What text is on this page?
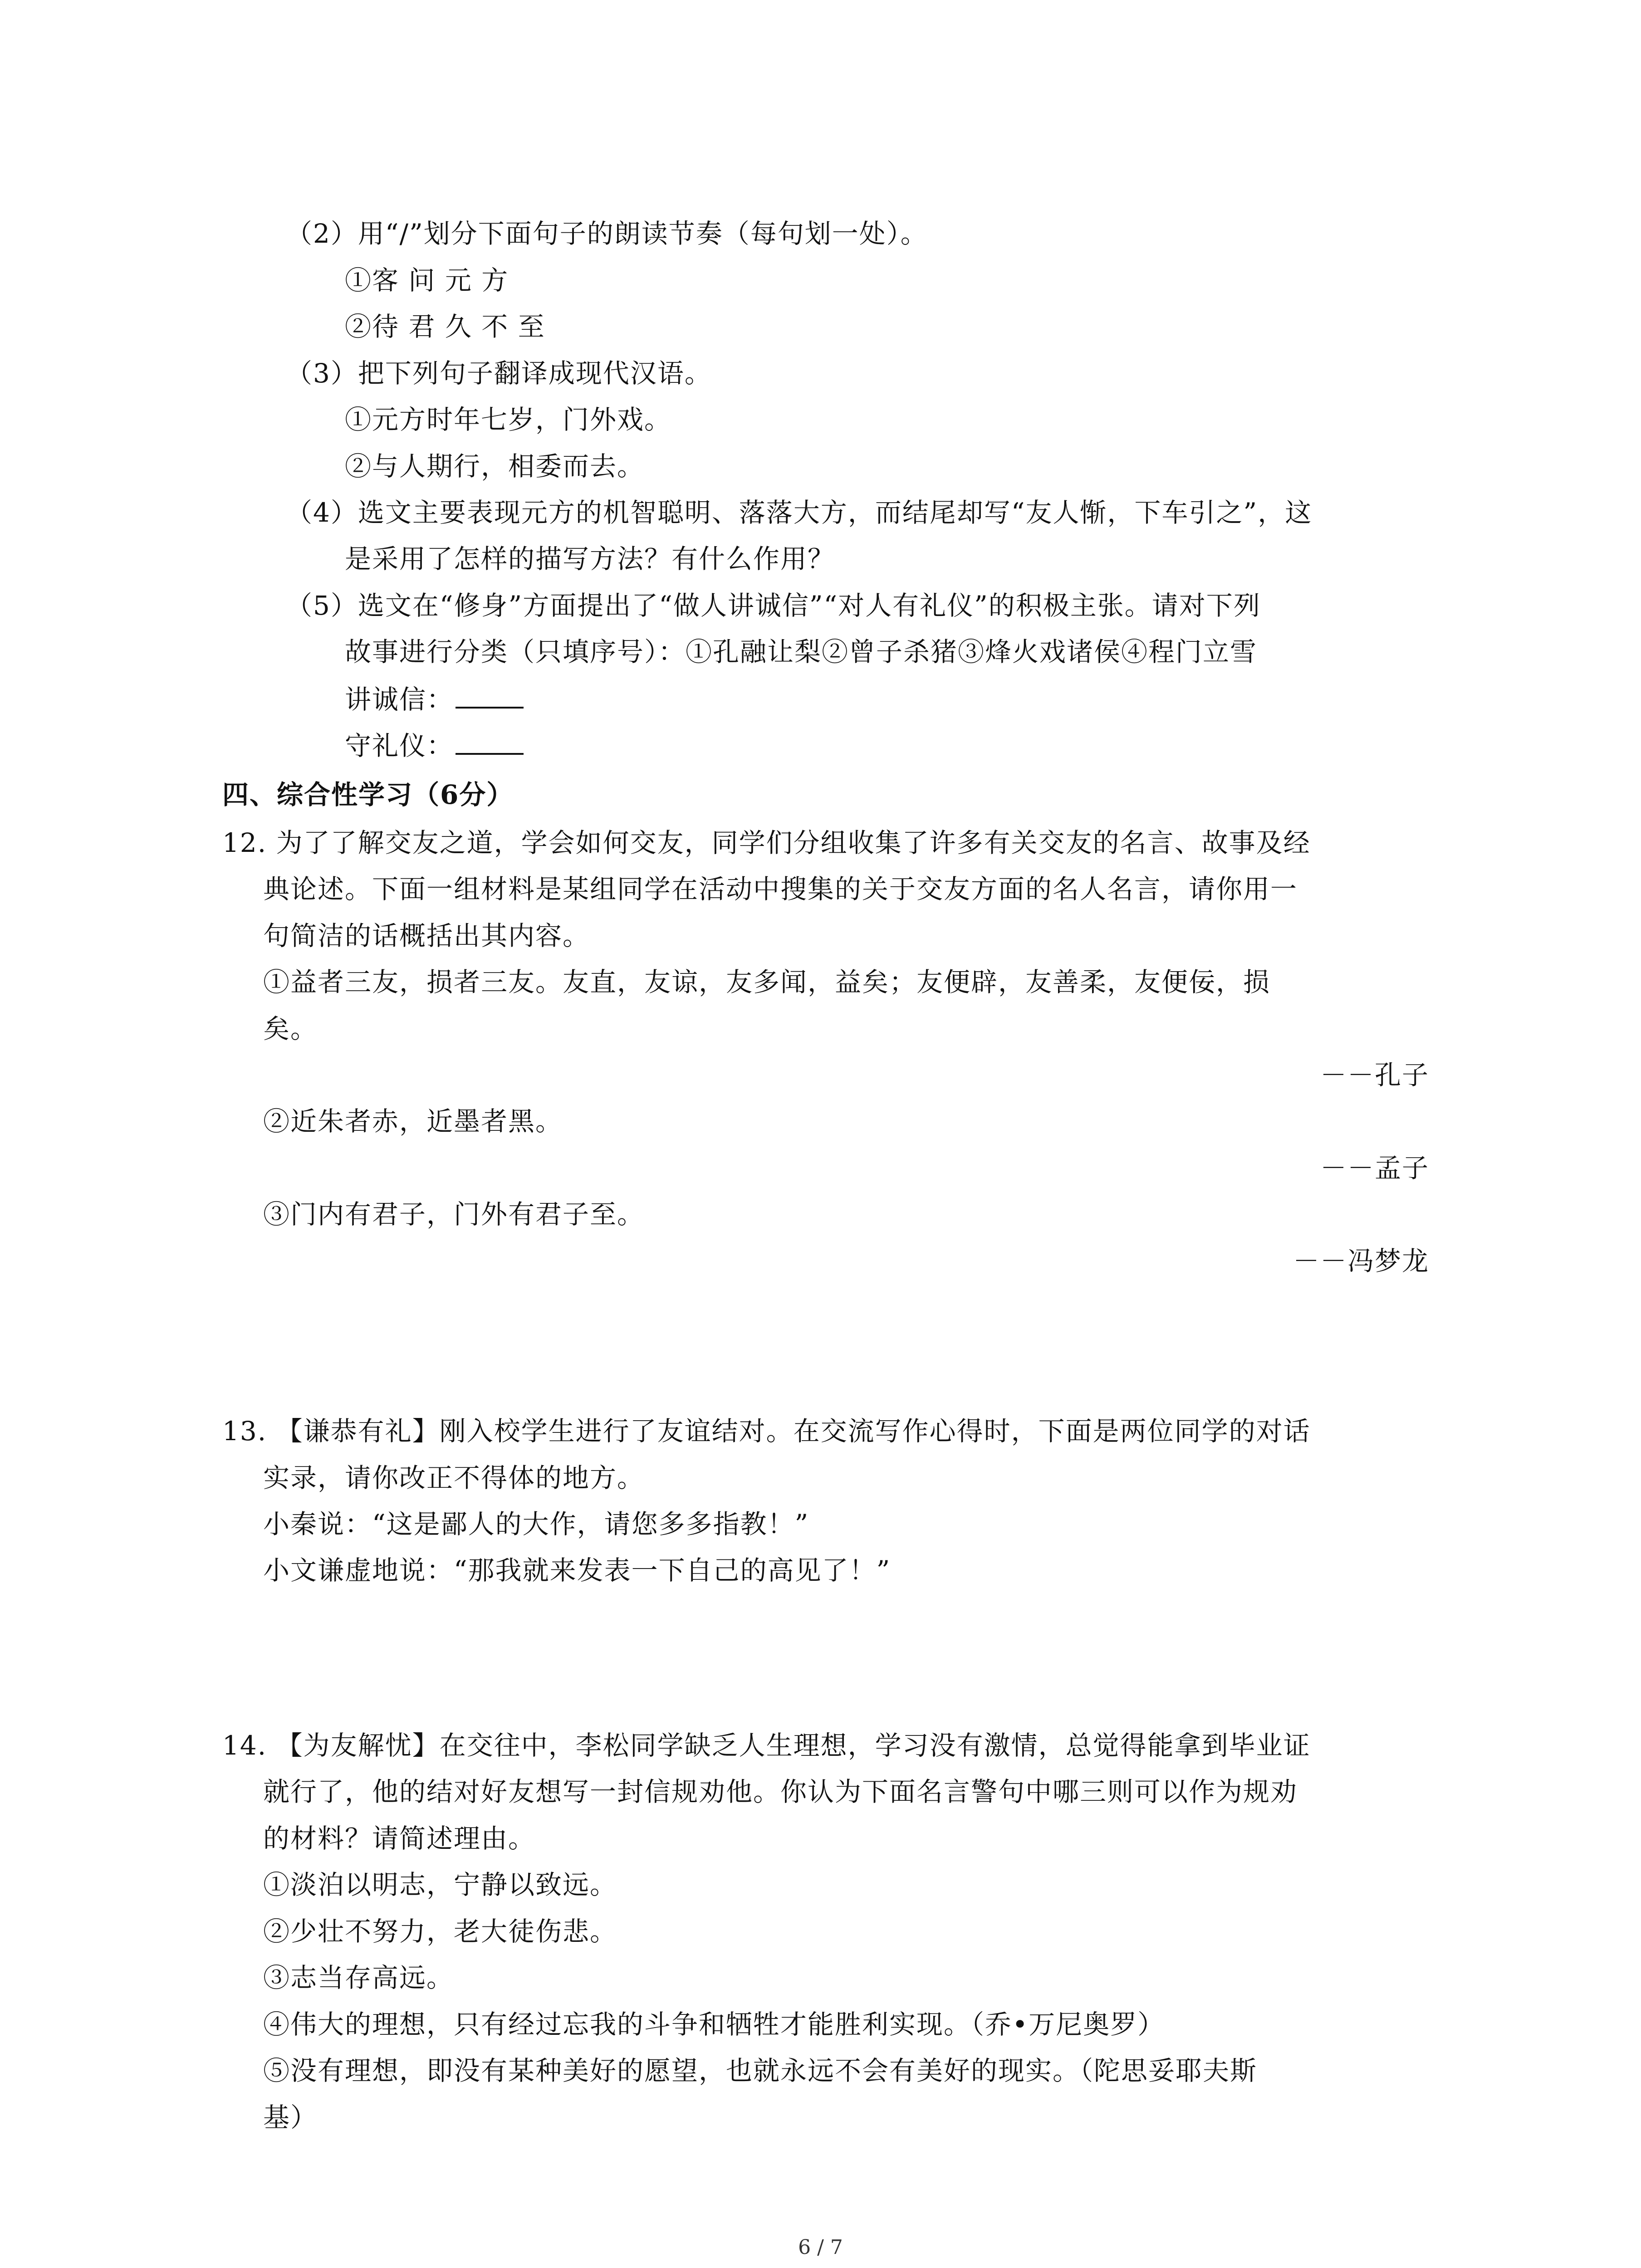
（2）用“/”划分下面句子的朗读节奏（每句划一处）。
①客 问 元 方
②待 君 久 不 至
（3）把下列句子翻译成现代汉语。
①元方时年七岁，门外戏。
②与人期行，相委而去。
（4）选文主要表现元方的机智聪明、落落大方，而结尾却写“友人惭，下车引之”，这
是采用了怎样的描写方法？有什么作用？
（5）选文在“修身”方面提出了“做人讲诚信”“对人有礼仪”的积极主张。请对下列
故事进行分类（只填序号）：①孔融让梨②曾子杀猪③烽火戏诸侯④程门立雪
讲诚信：
守礼仪：
四、综合性学习（6分）
12. 为了了解交友之道，学会如何交友，同学们分组收集了许多有关交友的名言、故事及经
典论述。下面一组材料是某组同学在活动中搜集的关于交友方面的名人名言，请你用一
句简洁的话概括出其内容。
①益者三友，损者三友。友直，友谅，友多闻，益矣；友便辟，友善柔，友便佞，损
矣。
－－孔子
②近朱者赤，近墨者黑。
－－孟子
③门内有君子，门外有君子至。
－－冯梦龙
13. 【谦恭有礼】刚入校学生进行了友谊结对。在交流写作心得时，下面是两位同学的对话
实录，请你改正不得体的地方。
小秦说：“这是鄙人的大作，请您多多指教！”
小文谦虚地说：“那我就来发表一下自己的高见了！”
14. 【为友解忧】在交往中，李松同学缺乏人生理想，学习没有激情，总觉得能拿到毕业证
就行了，他的结对好友想写一封信规劝他。你认为下面名言警句中哪三则可以作为规劝
的材料？请简述理由。
①淡泊以明志，宁静以致远。
②少壮不努力，老大徒伤悲。
③志当存高远。
④伟大的理想，只有经过忘我的斗争和牺牲才能胜利实现。（乔•万尼奥罗）
⑤没有理想，即没有某种美好的愿望，也就永远不会有美好的现实。（陀思妥耶夫斯
基）
6 / 7
